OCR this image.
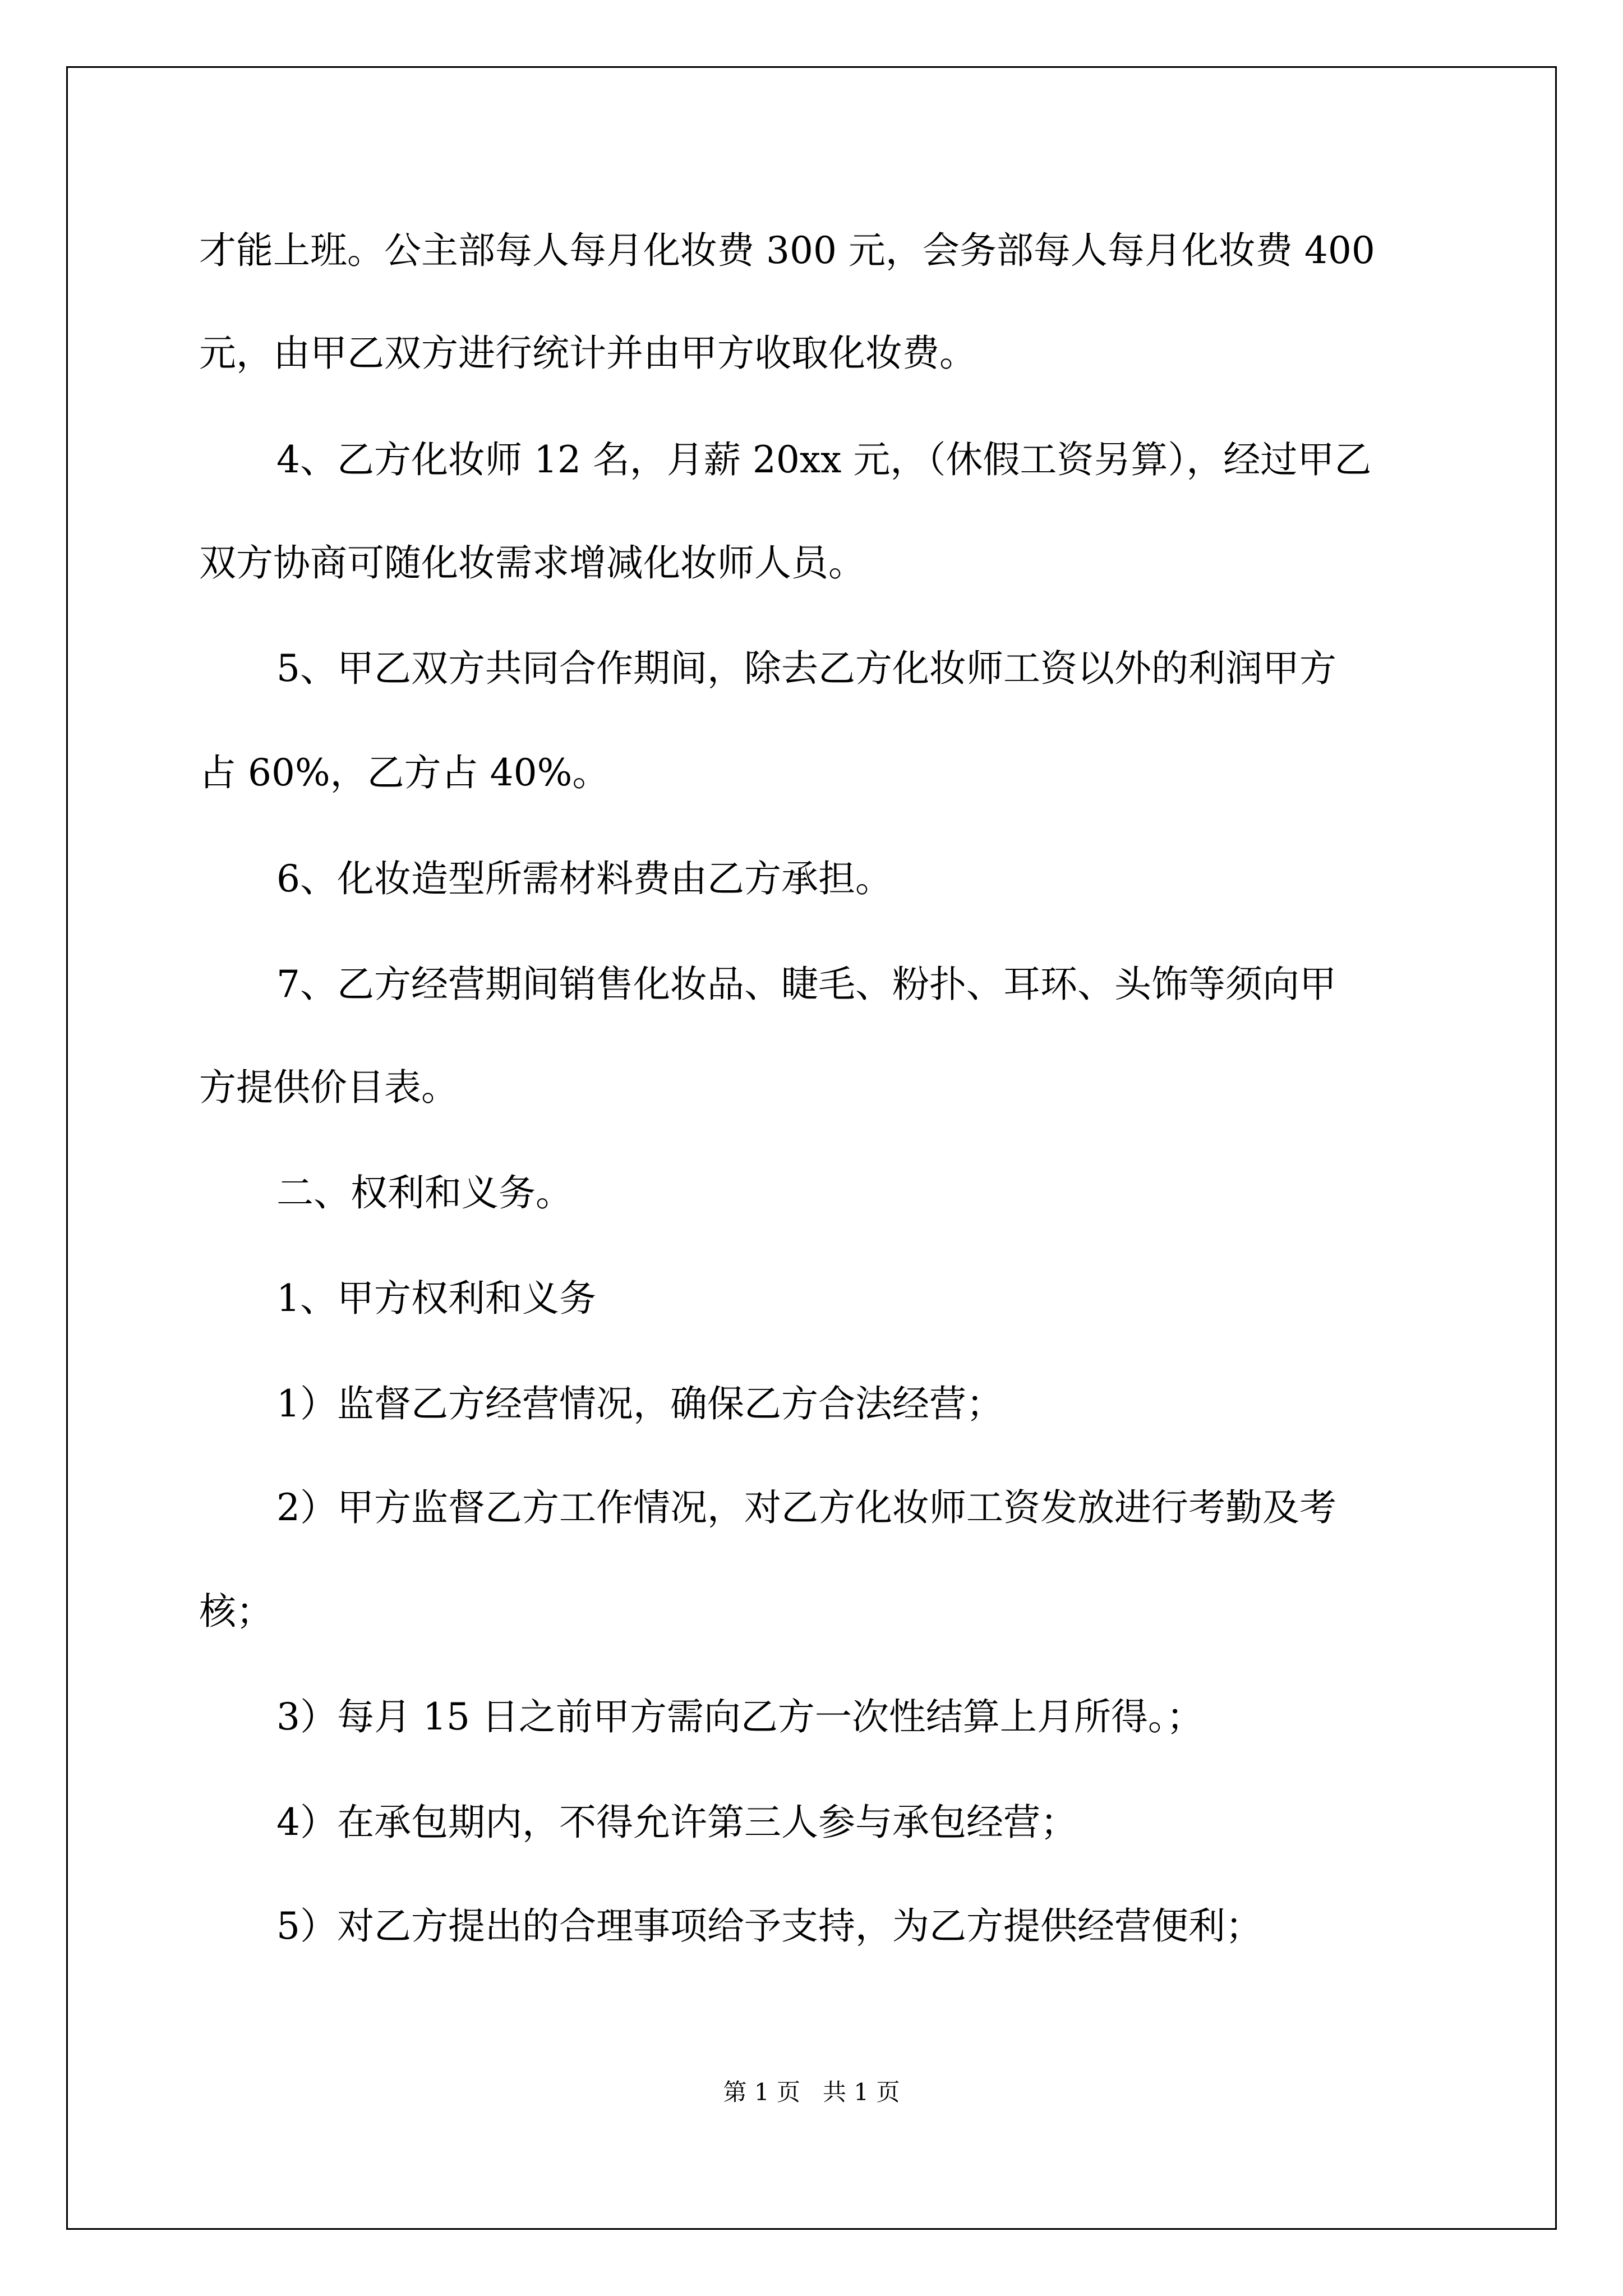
才能上班。公主部每人每月化妆费 300 元，会务部每人每月化妆费 400
元，由甲乙双方进行统计并由甲方收取化妆费。
4、乙方化妆师 12 名，月薪 20xx 元，（休假工资另算），经过甲乙
双方协商可随化妆需求增减化妆师人员。
5、甲乙双方共同合作期间，除去乙方化妆师工资以外的利润甲方
占 60%，乙方占 40%。
6、化妆造型所需材料费由乙方承担。
7、乙方经营期间销售化妆品、睫毛、粉扑、耳环、头饰等须向甲
方提供价目表。
二、权利和义务。
1、甲方权利和义务
1）监督乙方经营情况，确保乙方合法经营；
2）甲方监督乙方工作情况，对乙方化妆师工资发放进行考勤及考
核；
3）每月 15 日之前甲方需向乙方一次性结算上月所得。；
4）在承包期内，不得允许第三人参与承包经营；
5）对乙方提出的合理事项给予支持，为乙方提供经营便利；
第 1 页   共 1 页
